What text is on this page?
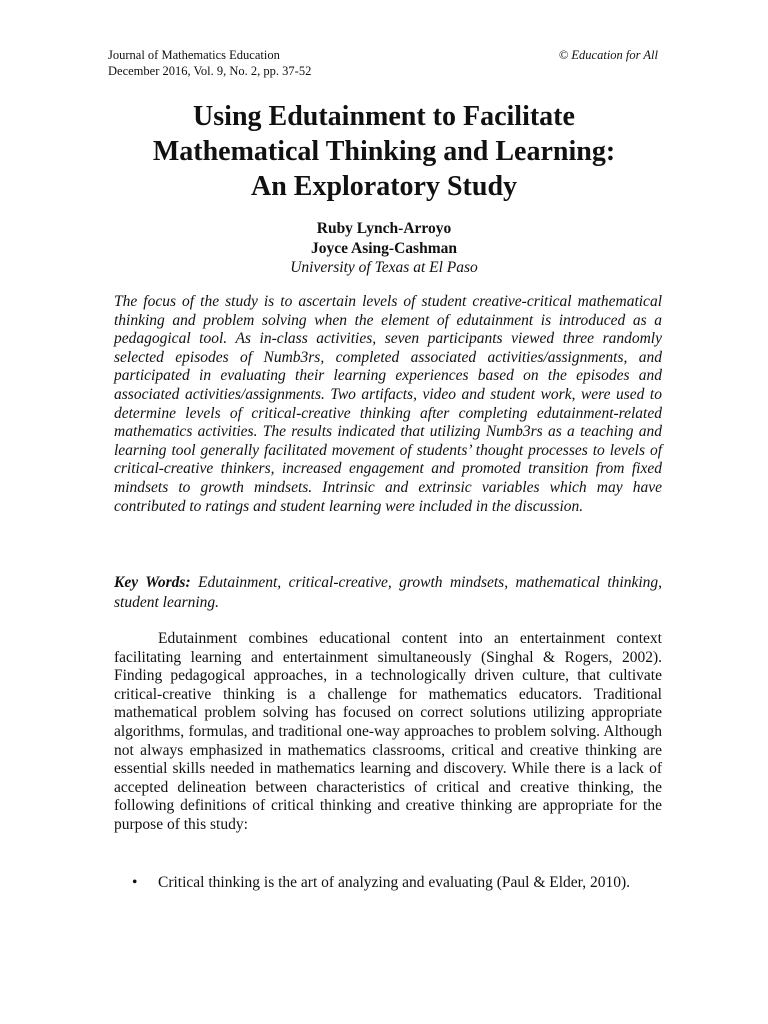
Journal of Mathematics Education
December 2016, Vol. 9, No. 2, pp. 37-52
© Education for All
Using Edutainment to Facilitate
Mathematical Thinking and Learning:
An Exploratory Study
Ruby Lynch-Arroyo
Joyce Asing-Cashman
University of Texas at El Paso

The focus of the study is to ascertain levels of student creative-critical mathematical thinking and problem solving when the element of edutainment is introduced as a pedagogical tool. As in-class activities, seven participants viewed three randomly selected episodes of Numb3rs, completed associated activities/assignments, and participated in evaluating their learning experiences based on the episodes and associated activities/assignments. Two artifacts, video and student work, were used to determine levels of critical-creative thinking after completing edutainment-related mathematics activities. The results indicated that utilizing Numb3rs as a teaching and learning tool generally facilitated movement of students’ thought processes to levels of critical-creative thinkers, increased engagement and promoted transition from fixed mindsets to growth mindsets. Intrinsic and extrinsic variables which may have contributed to ratings and student learning were included in the discussion.

Key Words: Edutainment, critical-creative, growth mindsets, mathematical thinking, student learning.

Edutainment combines educational content into an entertainment context facilitating learning and entertainment simultaneously (Singhal & Rogers, 2002). Finding pedagogical approaches, in a technologically driven culture, that cultivate critical-creative thinking is a challenge for mathematics educators. Traditional mathematical problem solving has focused on correct solutions utilizing appropriate algorithms, formulas, and traditional one-way approaches to problem solving. Although not always emphasized in mathematics classrooms, critical and creative thinking are essential skills needed in mathematics learning and discovery. While there is a lack of accepted delineation between characteristics of critical and creative thinking, the following definitions of critical thinking and creative thinking are appropriate for the purpose of this study:

• Critical thinking is the art of analyzing and evaluating (Paul & Elder, 2010).
